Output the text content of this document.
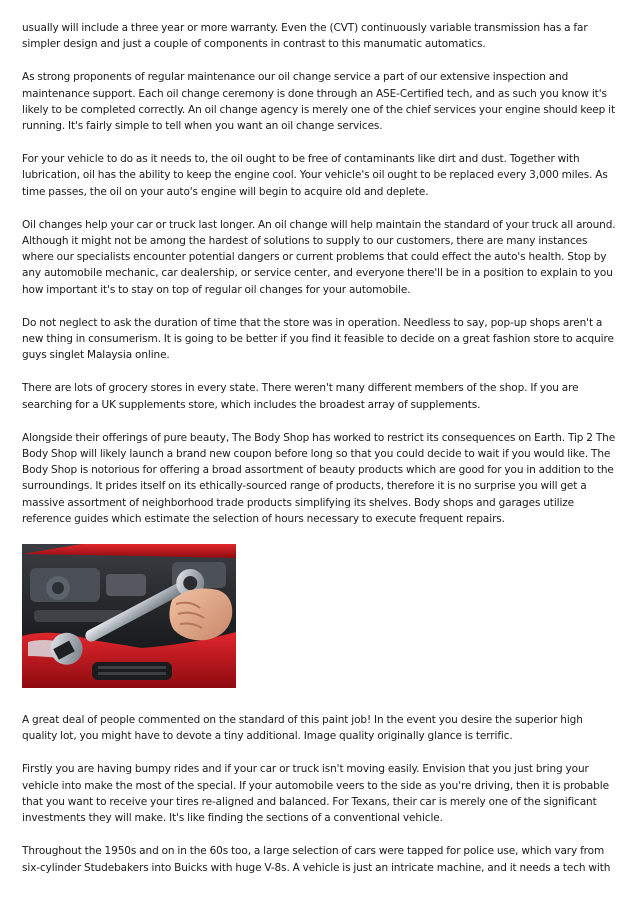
usually will include a three year or more warranty. Even the (CVT) continuously variable transmission has a far simpler design and just a couple of components in contrast to this manumatic automatics.

As strong proponents of regular maintenance our oil change service a part of our extensive inspection and maintenance support. Each oil change ceremony is done through an ASE-Certified tech, and as such you know it's likely to be completed correctly. An oil change agency is merely one of the chief services your engine should keep it running. It's fairly simple to tell when you want an oil change services.

For your vehicle to do as it needs to, the oil ought to be free of contaminants like dirt and dust. Together with lubrication, oil has the ability to keep the engine cool. Your vehicle's oil ought to be replaced every 3,000 miles. As time passes, the oil on your auto's engine will begin to acquire old and deplete.

Oil changes help your car or truck last longer. An oil change will help maintain the standard of your truck all around. Although it might not be among the hardest of solutions to supply to our customers, there are many instances where our specialists encounter potential dangers or current problems that could effect the auto's health. Stop by any automobile mechanic, car dealership, or service center, and everyone there'll be in a position to explain to you how important it's to stay on top of regular oil changes for your automobile.

Do not neglect to ask the duration of time that the store was in operation. Needless to say, pop-up shops aren't a new thing in consumerism. It is going to be better if you find it feasible to decide on a great fashion store to acquire guys singlet Malaysia online.

There are lots of grocery stores in every state. There weren't many different members of the shop. If you are searching for a UK supplements store, which includes the broadest array of supplements.

Alongside their offerings of pure beauty, The Body Shop has worked to restrict its consequences on Earth. Tip 2 The Body Shop will likely launch a brand new coupon before long so that you could decide to wait if you would like. The Body Shop is notorious for offering a broad assortment of beauty products which are good for you in addition to the surroundings. It prides itself on its ethically-sourced range of products, therefore it is no surprise you will get a massive assortment of neighborhood trade products simplifying its shelves. Body shops and garages utilize reference guides which estimate the selection of hours necessary to execute frequent repairs.

A great deal of people commented on the standard of this paint job! In the event you desire the superior high quality lot, you might have to devote a tiny additional. Image quality originally glance is terrific.

Firstly you are having bumpy rides and if your car or truck isn't moving easily. Envision that you just bring your vehicle into make the most of the special. If your automobile veers to the side as you're driving, then it is probable that you want to receive your tires re-aligned and balanced. For Texans, their car is merely one of the significant investments they will make. It's like finding the sections of a conventional vehicle.

Throughout the 1950s and on in the 60s too, a large selection of cars were tapped for police use, which vary from six-cylinder Studebakers into Buicks with huge V-8s. A vehicle is just an intricate machine, and it needs a tech with
